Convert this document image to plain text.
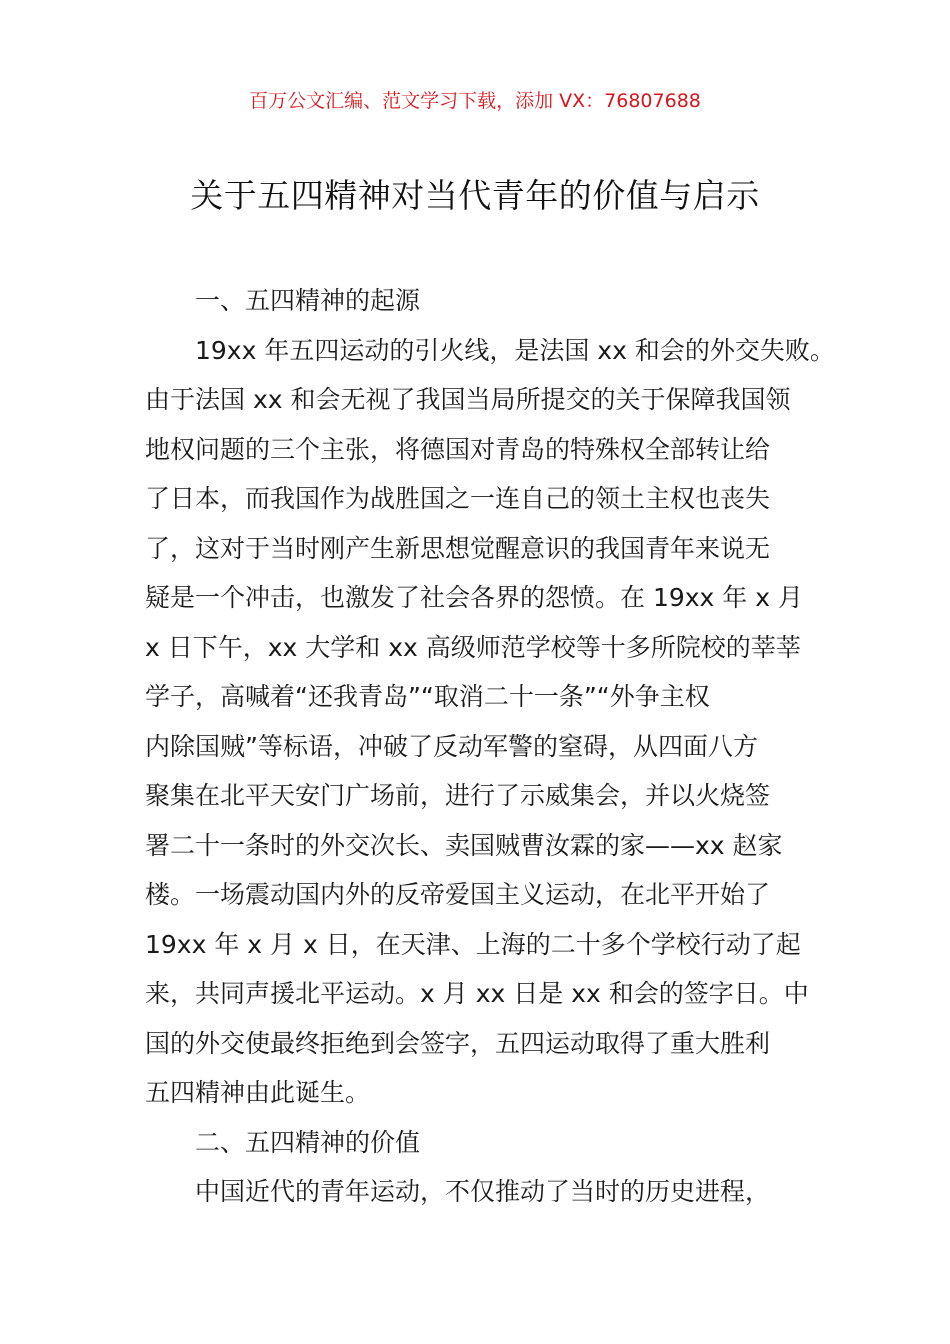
百万公文汇编、范文学习下载，添加 VX：76807688
关于五四精神对当代青年的价值与启示
一、五四精神的起源
19xx 年五四运动的引火线，是法国 xx 和会的外交失败。
由于法国 xx 和会无视了我国当局所提交的关于保障我国领
地权问题的三个主张，将德国对青岛的特殊权全部转让给
了日本，而我国作为战胜国之一连自己的领土主权也丧失
了，这对于当时刚产生新思想觉醒意识的我国青年来说无
疑是一个冲击，也激发了社会各界的怨愤。在 19xx 年 x 月
x 日下午，xx 大学和 xx 高级师范学校等十多所院校的莘莘
学子，高喊着“还我青岛”“取消二十一条”“外争主权
内除国贼”等标语，冲破了反动军警的窒碍，从四面八方
聚集在北平天安门广场前，进行了示威集会，并以火烧签
署二十一条时的外交次长、卖国贼曹汝霖的家——xx 赵家
楼。一场震动国内外的反帝爱国主义运动，在北平开始了
19xx 年 x 月 x 日，在天津、上海的二十多个学校行动了起
来，共同声援北平运动。x 月 xx 日是 xx 和会的签字日。中
国的外交使最终拒绝到会签字，五四运动取得了重大胜利
五四精神由此诞生。
二、五四精神的价值
中国近代的青年运动，不仅推动了当时的历史进程，
